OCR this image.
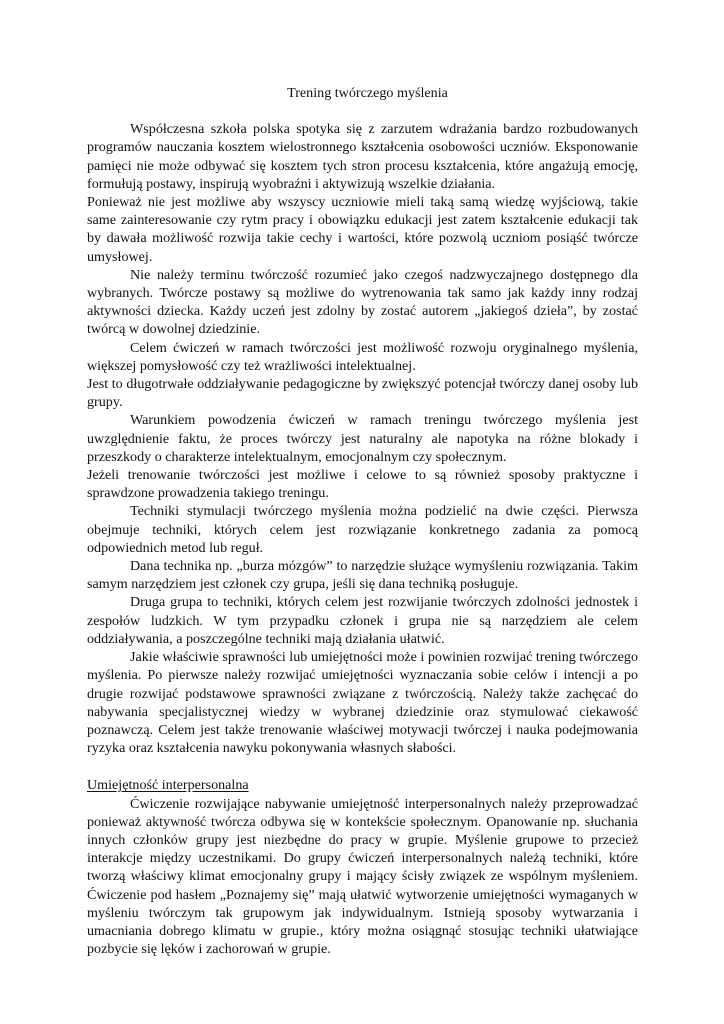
Trening twórczego myślenia

Współczesna szkoła polska spotyka się z zarzutem wdrażania bardzo rozbudowanych programów nauczania kosztem wielostronnego kształcenia osobowości uczniów. Eksponowanie pamięci nie może odbywać się kosztem tych stron procesu kształcenia, które angażują emocję, formułują postawy, inspirują wyobraźni i aktywizują wszelkie działania.

Ponieważ nie jest możliwe aby wszyscy uczniowie mieli taką samą wiedzę wyjściową, takie same zainteresowanie czy rytm pracy i obowiązku edukacji jest zatem kształcenie edukacji tak by dawała możliwość rozwija takie cechy i wartości, które pozwolą uczniom posiąść twórcze umysłowej.

Nie należy terminu twórczość rozumieć jako czegoś nadzwyczajnego dostępnego dla wybranych. Twórcze postawy są możliwe do wytrenowania tak samo jak każdy inny rodzaj aktywności dziecka. Każdy uczeń jest zdolny by zostać autorem „jakiegoś dzieła”, by zostać twórcą w dowolnej dziedzinie.

Celem ćwiczeń w ramach twórczości jest możliwość rozwoju oryginalnego myślenia, większej pomysłowość czy też wrażliwości intelektualnej.

Jest to długotrwałe oddziaływanie pedagogiczne by zwiększyć potencjał twórczy danej osoby lub grupy.

Warunkiem powodzenia ćwiczeń w ramach treningu twórczego myślenia jest uwzględnienie faktu, że proces twórczy jest naturalny ale napotyka na różne blokady i przeszkody o charakterze intelektualnym, emocjonalnym czy społecznym.

Jeżeli trenowanie twórczości jest możliwe i celowe to są również sposoby praktyczne i sprawdzone prowadzenia takiego treningu.

Techniki stymulacji twórczego myślenia można podzielić na dwie części. Pierwsza obejmuje techniki, których celem jest rozwiązanie konkretnego zadania za pomocą odpowiednich metod lub reguł.

Dana technika np. „burza mózgów” to narzędzie służące wymyśleniu rozwiązania. Takim samym narzędziem jest członek czy grupa, jeśli się dana techniką posługuje.

Druga grupa to techniki, których celem jest rozwijanie twórczych zdolności jednostek i zespołów ludzkich. W tym przypadku członek i grupa nie są narzędziem ale celem oddziaływania, a poszczególne techniki mają działania ułatwić.

Jakie właściwie sprawności lub umiejętności może i powinien rozwijać trening twórczego myślenia. Po pierwsze należy rozwijać umiejętności wyznaczania sobie celów i intencji a po drugie rozwijać podstawowe sprawności związane z twórczością. Należy także zachęcać do nabywania specjalistycznej wiedzy w wybranej dziedzinie oraz stymulować ciekawość poznawczą. Celem jest także trenowanie właściwej motywacji twórczej i nauka podejmowania ryzyka oraz kształcenia nawyku pokonywania własnych słabości.

Umiejętność interpersonalna

Ćwiczenie rozwijające nabywanie umiejętność interpersonalnych należy przeprowadzać ponieważ aktywność twórcza odbywa się w kontekście społecznym. Opanowanie np. słuchania innych członków grupy jest niezbędne do pracy w grupie. Myślenie grupowe to przecież interakcje między uczestnikami. Do grupy ćwiczeń interpersonalnych należą techniki, które tworzą właściwy klimat emocjonalny grupy i mający ścisły związek ze wspólnym myśleniem. Ćwiczenie pod hasłem „Poznajemy się” mają ułatwić wytworzenie umiejętności wymaganych w myśleniu twórczym tak grupowym jak indywidualnym. Istnieją sposoby wytwarzania i umacniania dobrego klimatu w grupie., który można osiągnąć stosując techniki ułatwiające pozbycie się lęków i zachorowań w grupie.
